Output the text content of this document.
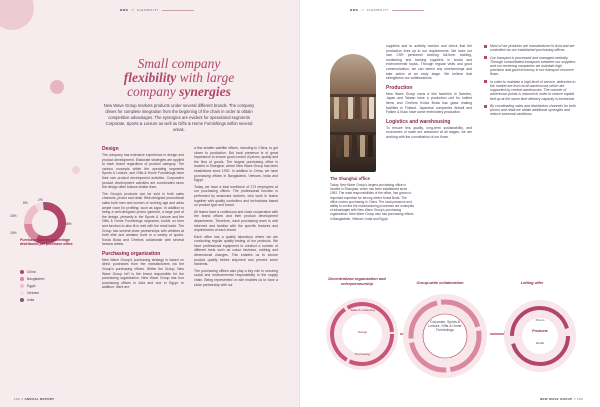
BWG // FLEXIBILITY
Small company
flexibility with large
company synergies
New Wave Group markets products under several different brands. The company drives for complete integration from the beginning of the chain in order to obtain competitive advantages. The synergies are evident for operational segments Corporate, Sports & Leisure as well as Gifts & Home Furnishings within several areas.
58%
16%
18%
8%
2%
Purchase volume percentage distributed per purchase office
China
Bangladesh
Egypt
Vietnam
India
Design

The company has extensive experience in design and product development. Elaborate strategies are applied to each brand regardless of product category. The various concepts within the operating segments Sports & Leisure, and Gifts & Home Furnishings have their own product development activities. Corporate's product development activities are coordinated since the design often follows similar lines.

The Group's products can be sold in both sales channels, promo and retail. Well-designed promotional sales both men and women of working age and allow ample room for profiling, such as logos. In addition to being a well-designed promo garment, a large part of the design, primarily in the Sports & Leisure and the Gifts & Home Furnishings segments, builds on form and function to also fit in well with the retail trade. The Group has several close partnerships with athletes at both elite and amateur level in a variety of sports. Kosta Boda and Orrefors collaborate with several famous artists.

Purchasing organization

New Wave Group's purchasing strategy is based on direct purchases from the manufacturers via the Group's purchasing offices. Within the Group, New Wave Group Int'l is the brand responsible for the purchasing organization. New Wave Group has four purchasing offices in Asia and one in Egypt. In addition, there are

a few smaller satellite offices, including in China, to get closer to production. But local presence is of great importance to ensure good control of prices, quality and the flow of goods. The largest purchasing office is located in Shanghai, where New Wave Group has been established since 1992. In addition to China, we have purchasing offices in Bangladesh, Vietnam, India and Egypt.

Today, we have a total workforce of 173 employees at our purchasing offices. The professional function is performed by seasoned workers, who work in teams together with quality controllers and technicians based on product type and brand.

All teams have a continuous and close cooperation with the brand offices and their product development departments. Therefore, each purchasing team is well informed and familiar with the specific features and requirements of each brand.

Each office has a quality laboratory where we are conducting regular quality testing of our products. We have professional equipment to conduct a number of different tests such as colour fastness, rubbing and dimensional changes. This enables us to secure product quality before shipment and prevent some incidents.

The purchasing offices also play a key role in securing social and environmental responsibility in the supply chain. Being represented on site enables us to have a close partnership with our

104 // ANNUAL REPORT
BWG // FLEXIBILITY
The Shanghai office
Today, New Wave Group's largest purchasing office is located in Shanghai, which has been established since 1992. The main responsibilities of the office, has grown to important expertise for among others Kosta Boda. The office covers purchasing in China. The local presence and ability to control the manufacturing processes are examples of advantages with New Wave Group's purchasing organization. New Wave Group also has purchasing offices in Bangladesh, Vietnam, India and Egypt.

suppliers and to actively monitor and check that the production lives up to our requirements. We have our own CSR personnel working full-time: training, monitoring and training suppliers in social and environmental topics. Through regular visits and good communication, we can detect any shortcomings and take action at an early stage. We believe that strengthens our collaborations.

Production

New Wave Group owns a few factories in Sweden, Japan and Taiwan have a production unit for knitted items and Orrefors Kosta Boda has glass making facilities in Finland. Japanese companies Ahlsell and Falken & Buck have some embroidery production.

Logistics and warehousing

To ensure this quality, long-term sustainability, and economies of scale are advanced at all stages, we are working with the coordination of our flows.

Most of our products are manufactured in Asia and are controlled via our established purchasing offices.
Our transport is processed and managed centrally. Through consolidated transports between our suppliers and our receiving companies we maintain high precision and good economy in our transport resource flows.
In order to maintain a high level of service, deliveries to the market are from local warehouses which are supported by central warehouses. The number of warehouse points is reduced in order to reduce capital tied up at the same time delivery capacity is increased.
By coordinating sales and distribution channels for both promo and retail we obtain additional synergies and reduce seasonal variations.
Decentralized organization and entrepreneurship	Group-wide collaboration	Letting offer
Sales & marketing
Design
Purchasing
Corporate, Sports & Leisure, Gifts & Home Furnishings	Products
Promo
Retail
NEW WAVE GROUP // 105
